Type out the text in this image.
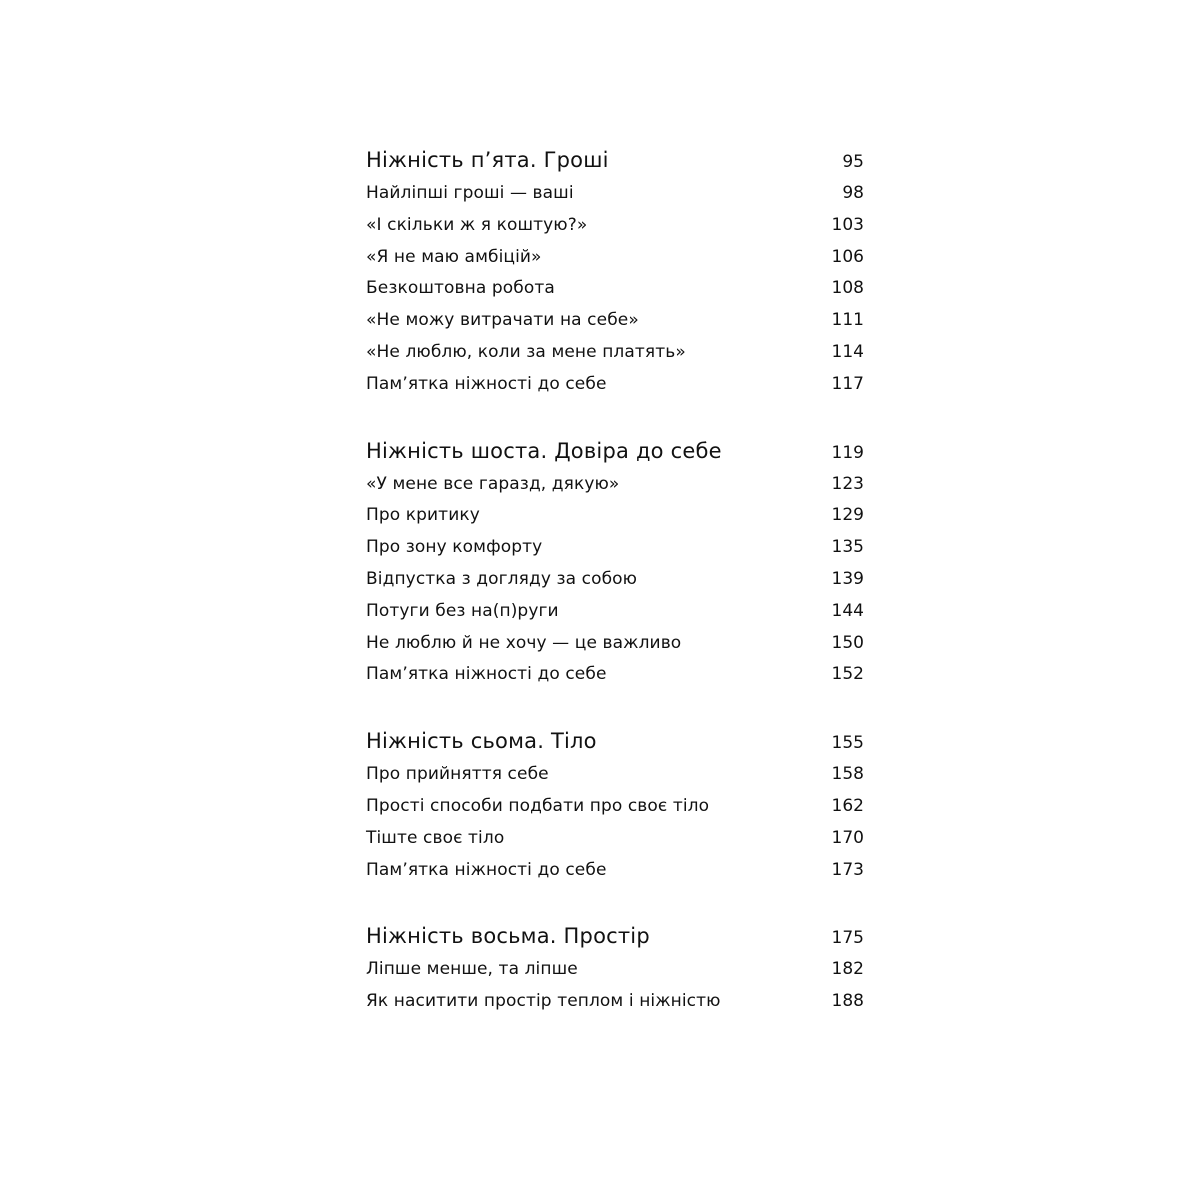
Ніжність п’ята. Гроші	95
Найліпші гроші — ваші	98
«І скільки ж я коштую?»	103
«Я не маю амбіцій»	106
Безкоштовна робота	108
«Не можу витрачати на себе»	111
«Не люблю, коли за мене платять»	114
Пам’ятка ніжності до себе	117
Ніжність шоста. Довіра до себе	119
«У мене все гаразд, дякую»	123
Про критику	129
Про зону комфорту	135
Відпустка з догляду за собою	139
Потуги без на(п)руги	144
Не люблю й не хочу — це важливо	150
Пам’ятка ніжності до себе	152
Ніжність сьома. Тіло	155
Про прийняття себе	158
Прості способи подбати про своє тіло	162
Тіште своє тіло	170
Пам’ятка ніжності до себе	173
Ніжність восьма. Простір	175
Ліпше менше, та ліпше	182
Як наситити простір теплом і ніжністю	188
